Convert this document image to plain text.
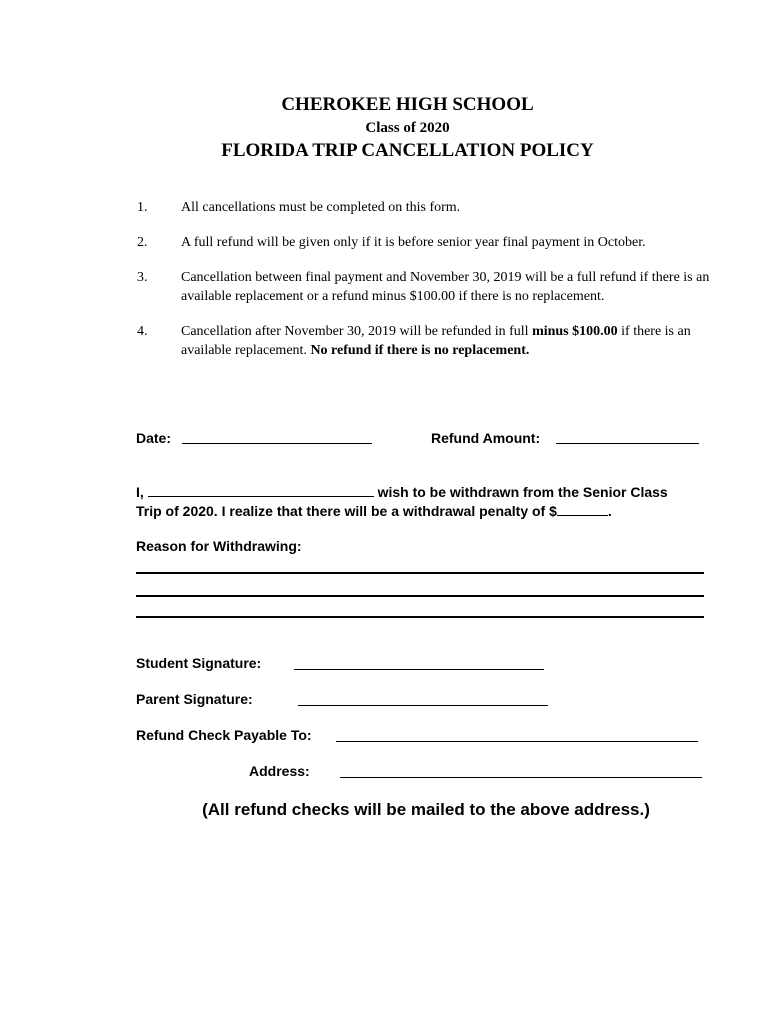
CHEROKEE HIGH SCHOOL
Class of 2020
FLORIDA TRIP CANCELLATION POLICY
1. All cancellations must be completed on this form.
2. A full refund will be given only if it is before senior year final payment in October.
3. Cancellation between final payment and November 30, 2019 will be a full refund if there is an available replacement or a refund minus $100.00 if there is no replacement.
4. Cancellation after November 30, 2019 will be refunded in full minus $100.00 if there is an available replacement. No refund if there is no replacement.
Date:	Refund Amount:
I,	wish to be withdrawn from the Senior Class
Trip of 2020. I realize that there will be a withdrawal penalty of $	.
Reason for Withdrawing:
Student Signature:
Parent Signature:
Refund Check Payable To:
Address:
(All refund checks will be mailed to the above address.)
